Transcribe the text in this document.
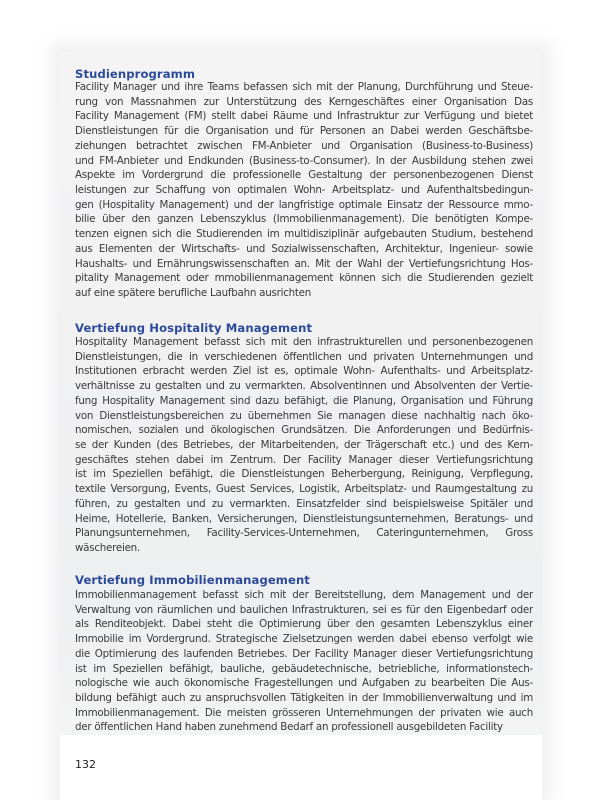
Studienprogramm
Facility Manager und ihre Teams befassen sich mit der Planung, Durchführung und Steue-
rung von Massnahmen zur Unterstützung des Kerngeschäftes einer Organisation Das
Facility Management (FM) stellt dabei Räume und Infrastruktur zur Verfügung und bietet
Dienstleistungen für die Organisation und für Personen an Dabei werden Geschäftsbe-
ziehungen betrachtet zwischen FM-Anbieter und Organisation (Business-to-Business)
und FM-Anbieter und Endkunden (Business-to-Consumer). In der Ausbildung stehen zwei
Aspekte im Vordergrund die professionelle Gestaltung der personenbezogenen Dienst
leistungen zur Schaffung von optimalen Wohn- Arbeitsplatz- und Aufenthaltsbedingun-
gen (Hospitality Management) und der langfristige optimale Einsatz der Ressource mmo-
bilie über den ganzen Lebenszyklus (Immobilienmanagement). Die benötigten Kompe-
tenzen eignen sich die Studierenden im multidisziplinär aufgebauten Studium, bestehend
aus Elementen der Wirtschafts- und Sozialwissenschaften, Architektur, Ingenieur- sowie
Haushalts- und Ernährungswissenschaften an. Mit der Wahl der Vertiefungsrichtung Hos-
pitality Management oder mmobilienmanagement können sich die Studierenden gezielt
auf eine spätere berufliche Laufbahn ausrichten
Vertiefung Hospitality Management
Hospitality Management befasst sich mit den infrastrukturellen und personenbezogenen
Dienstleistungen, die in verschiedenen öffentlichen und privaten Unternehmungen und
Institutionen erbracht werden Ziel ist es, optimale Wohn- Aufenthalts- und Arbeitsplatz-
verhältnisse zu gestalten und zu vermarkten. Absolventinnen und Absolventen der Vertie-
fung Hospitality Management sind dazu befähigt, die Planung, Organisation und Führung
von Dienstleistungsbereichen zu übernehmen Sie managen diese nachhaltig nach öko-
nomischen, sozialen und ökologischen Grundsätzen. Die Anforderungen und Bedürfnis-
se der Kunden (des Betriebes, der Mitarbeitenden, der Trägerschaft etc.) und des Kern-
geschäftes stehen dabei im Zentrum. Der Facility Manager dieser Vertiefungsrichtung
ist im Speziellen befähigt, die Dienstleistungen Beherbergung, Reinigung, Verpflegung,
textile Versorgung, Events, Guest Services, Logistik, Arbeitsplatz- und Raumgestaltung zu
führen, zu gestalten und zu vermarkten. Einsatzfelder sind beispielsweise Spitäler und
Heime, Hotellerie, Banken, Versicherungen, Dienstleistungsunternehmen, Beratungs- und
Planungsunternehmen, Facility-Services-Unternehmen, Cateringunternehmen, Gross
wäschereien.
Vertiefung Immobilienmanagement
Immobilienmanagement befasst sich mit der Bereitstellung, dem Management und der
Verwaltung von räumlichen und baulichen Infrastrukturen, sei es für den Eigenbedarf oder
als Renditeobjekt. Dabei steht die Optimierung über den gesamten Lebenszyklus einer
Immobilie im Vordergrund. Strategische Zielsetzungen werden dabei ebenso verfolgt wie
die Optimierung des laufenden Betriebes. Der Facility Manager dieser Vertiefungsrichtung
ist im Speziellen befähigt, bauliche, gebäudetechnische, betriebliche, informationstech-
nologische wie auch ökonomische Fragestellungen und Aufgaben zu bearbeiten Die Aus-
bildung befähigt auch zu anspruchsvollen Tätigkeiten in der Immobilienverwaltung und im
Immobilienmanagement. Die meisten grösseren Unternehmungen der privaten wie auch
der öffentlichen Hand haben zunehmend Bedarf an professionell ausgebildeten Facility
132
